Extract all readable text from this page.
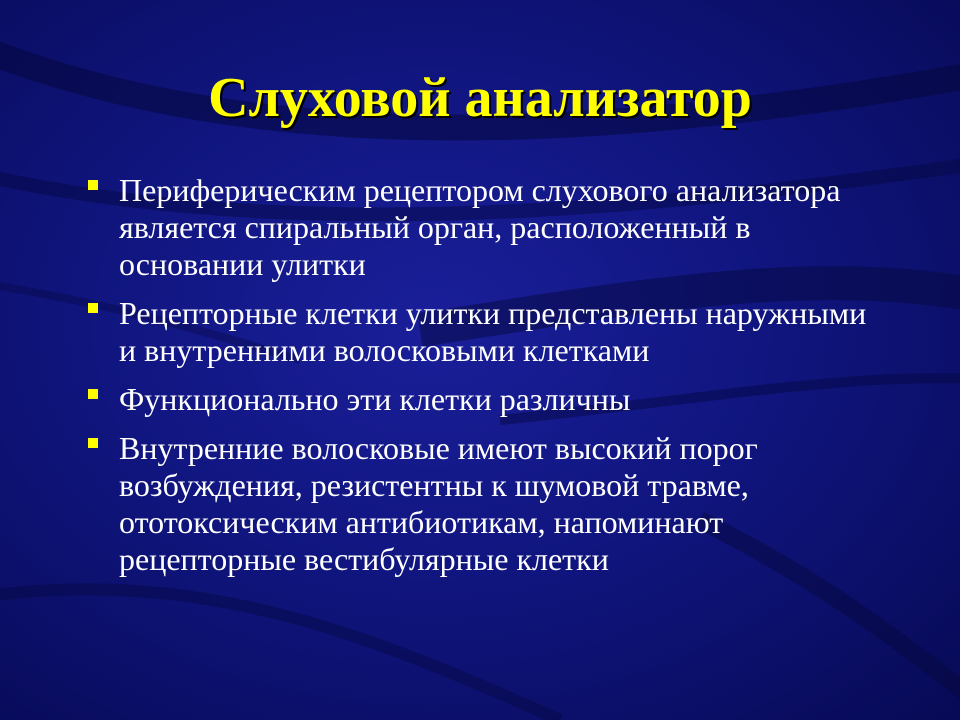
Слуховой анализатор
Периферическим рецептором слухового анализатора является спиральный орган, расположенный в основании улитки
Рецепторные клетки улитки представлены наружными и внутренними волосковыми клетками
Функционально эти клетки различны
Внутренние волосковые имеют высокий порог возбуждения, резистентны к шумовой травме, ототоксическим антибиотикам, напоминают рецепторные вестибулярные клетки
